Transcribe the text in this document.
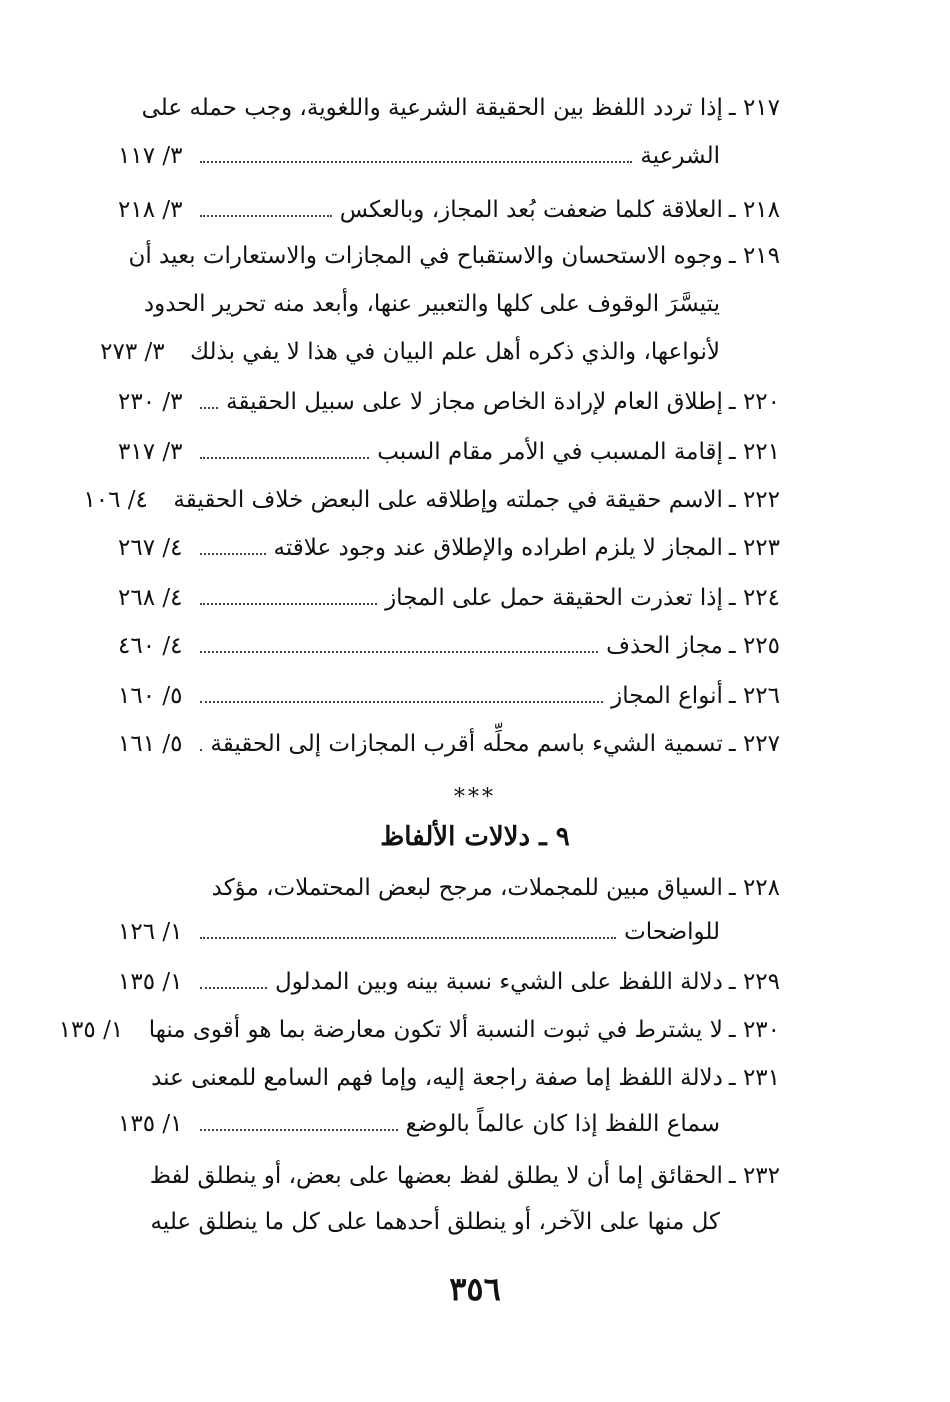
٢١٧ ـ
إذا تردد اللفظ بين الحقيقة الشرعية واللغوية، وجب حمله على
الشرعية
٣/ ١١٧
٢١٨ ـ
العلاقة كلما ضعفت بُعد المجاز، وبالعكس
٣/ ٢١٨
٢١٩ ـ
وجوه الاستحسان والاستقباح في المجازات والاستعارات بعيد أن
يتيسَّرَ الوقوف على كلها والتعبير عنها، وأبعد منه تحرير الحدود
لأنواعها، والذي ذكره أهل علم البيان في هذا لا يفي بذلك
٣/ ٢٧٣
٢٢٠ ـ
إطلاق العام لإرادة الخاص مجاز لا على سبيل الحقيقة
٣/ ٢٣٠
٢٢١ ـ
إقامة المسبب في الأمر مقام السبب
٣/ ٣١٧
٢٢٢ ـ
الاسم حقيقة في جملته وإطلاقه على البعض خلاف الحقيقة
٤/ ١٠٦
٢٢٣ ـ
المجاز لا يلزم اطراده والإطلاق عند وجود علاقته
٤/ ٢٦٧
٢٢٤ ـ
إذا تعذرت الحقيقة حمل على المجاز
٤/ ٢٦٨
٢٢٥ ـ
مجاز الحذف
٤/ ٤٦٠
٢٢٦ ـ
أنواع المجاز
٥/ ١٦٠
٢٢٧ ـ
تسمية الشيء باسم محلِّه أقرب المجازات إلى الحقيقة
٥/ ١٦١
***
٩ ـ دلالات الألفاظ
٢٢٨ ـ
السياق مبين للمجملات، مرجح لبعض المحتملات، مؤكد
للواضحات
١/ ١٢٦
٢٢٩ ـ
دلالة اللفظ على الشيء نسبة بينه وبين المدلول
١/ ١٣٥
٢٣٠ ـ
لا يشترط في ثبوت النسبة ألا تكون معارضة بما هو أقوى منها
١/ ١٣٥
٢٣١ ـ
دلالة اللفظ إما صفة راجعة إليه، وإما فهم السامع للمعنى عند
سماع اللفظ إذا كان عالماً بالوضع
١/ ١٣٥
٢٣٢ ـ
الحقائق إما أن لا يطلق لفظ بعضها على بعض، أو ينطلق لفظ
كل منها على الآخر، أو ينطلق أحدهما على كل ما ينطلق عليه
٣٥٦
